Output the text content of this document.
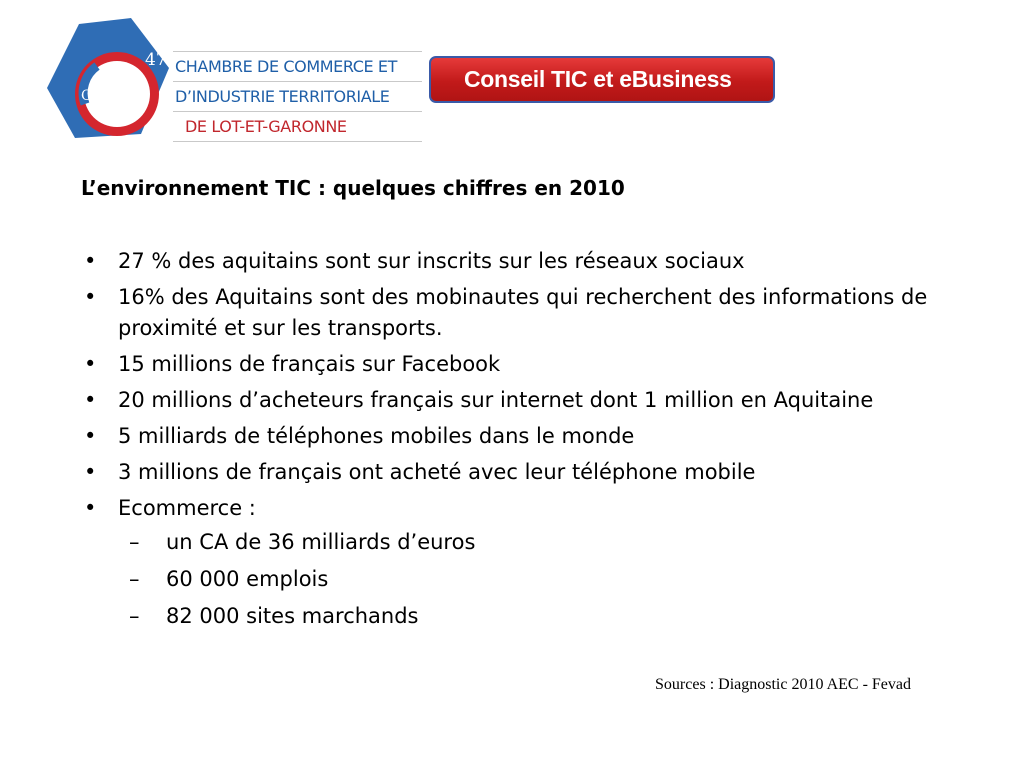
47
CCIT
CHAMBRE DE COMMERCE ET
D’INDUSTRIE TERRITORIALE
DE LOT-ET-GARONNE
Conseil TIC et eBusiness
L’environnement TIC : quelques chiffres en 2010
• 27 % des aquitains sont sur inscrits sur les réseaux sociaux
• 16% des Aquitains sont des mobinautes qui recherchent des informations de proximité et sur les transports.
• 15 millions de français sur Facebook
• 20 millions d’acheteurs français sur internet dont 1 million en Aquitaine
• 5 milliards de téléphones mobiles dans le monde
• 3 millions de français ont acheté avec leur téléphone mobile
• Ecommerce :
– un CA de 36 milliards d’euros
– 60 000 emplois
– 82 000 sites marchands
Sources : Diagnostic 2010 AEC - Fevad
